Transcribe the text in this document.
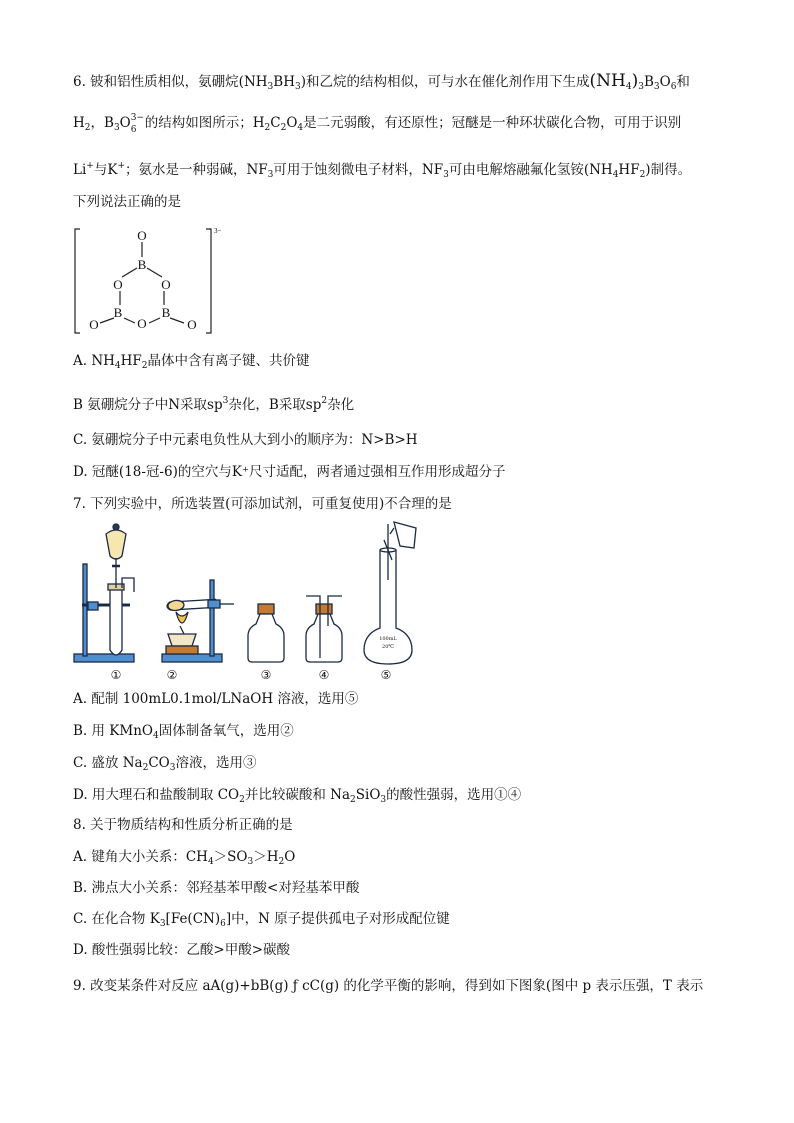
6. 铍和铝性质相似，氨硼烷$(NH_3BH_3)$和乙烷的结构相似，可与水在催化剂作用下生成$(NH_4)_3B_3O_6$和
$H_2$，$B_3O$ 3−
6 的结构如图所示；$H_2C_2O_4$是二元弱酸，有还原性；冠醚是一种环状碳化合物，可用于识别
Li+与K+；氨水是一种弱碱，$NF_3$可用于蚀刻微电子材料，$NF_3$可由电解熔融氟化氢铵$(NH_4HF_2)$制得。
下列说法正确的是
O
B
O	O
B
O
B
O	O
3−
A. $NH_4HF_2$晶体中含有离子键、共价键
B 氨硼烷分子中N采取$sp^3$杂化，B采取$sp^2$杂化
C. 氨硼烷分子中元素电负性从大到小的顺序为：N>B>H
D. 冠醚(18-冠-6)的空穴与K⁺尺寸适配，两者通过强相互作用形成超分子
7. 下列实验中，所选装置(可添加试剂，可重复使用)不合理的是
100mL
20℃
①	②	③	④	⑤
A. 配制 100mL0.1mol/LNaOH 溶液，选用⑤
B. 用 KMnO$_4$固体制备氧气，选用②
C. 盛放 $Na_2CO_3$溶液，选用③
D. 用大理石和盐酸制取 $CO_2$并比较碳酸和 $Na_2SiO_3$的酸性强弱，选用①④
8. 关于物质结构和性质分析正确的是
A. 键角大小关系：$CH_4>SO_3>H_2O$
B. 沸点大小关系：邻羟基苯甲酸<对羟基苯甲酸
C. 在化合物 $K_3[Fe(CN)_6]$中，N 原子提供孤电子对形成配位键
D. 酸性强弱比较：乙酸>甲酸>碳酸
9. 改变某条件对反应 aA(g)+bB(g) ƒ cC(g) 的化学平衡的影响，得到如下图象(图中 p 表示压强，T 表示
